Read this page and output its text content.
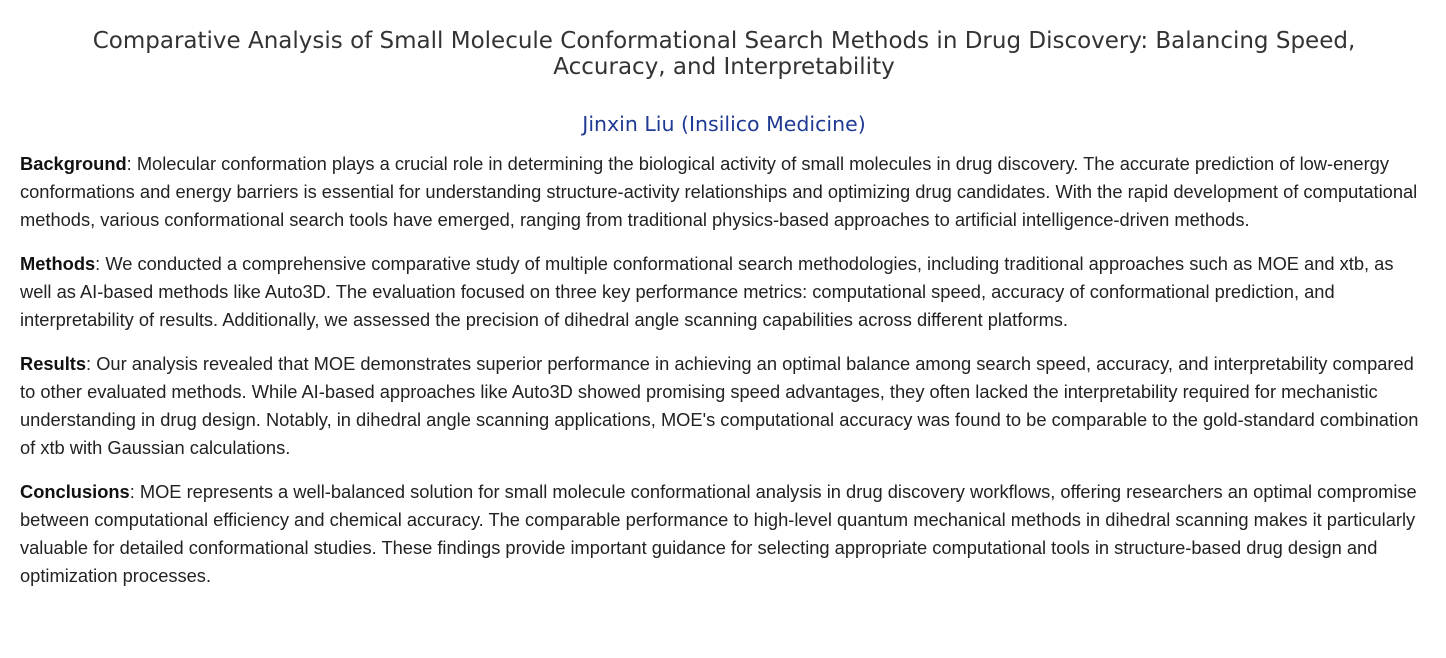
Comparative Analysis of Small Molecule Conformational Search Methods in Drug Discovery: Balancing Speed, Accuracy, and Interpretability
Jinxin Liu (Insilico Medicine)

Background: Molecular conformation plays a crucial role in determining the biological activity of small molecules in drug discovery. The accurate prediction of low-energy conformations and energy barriers is essential for understanding structure-activity relationships and optimizing drug candidates. With the rapid development of computational methods, various conformational search tools have emerged, ranging from traditional physics-based approaches to artificial intelligence-driven methods.

Methods: We conducted a comprehensive comparative study of multiple conformational search methodologies, including traditional approaches such as MOE and xtb, as well as AI-based methods like Auto3D. The evaluation focused on three key performance metrics: computational speed, accuracy of conformational prediction, and interpretability of results. Additionally, we assessed the precision of dihedral angle scanning capabilities across different platforms.

Results: Our analysis revealed that MOE demonstrates superior performance in achieving an optimal balance among search speed, accuracy, and interpretability compared to other evaluated methods. While AI-based approaches like Auto3D showed promising speed advantages, they often lacked the interpretability required for mechanistic understanding in drug design. Notably, in dihedral angle scanning applications, MOE's computational accuracy was found to be comparable to the gold-standard combination of xtb with Gaussian calculations.

Conclusions: MOE represents a well-balanced solution for small molecule conformational analysis in drug discovery workflows, offering researchers an optimal compromise between computational efficiency and chemical accuracy. The comparable performance to high-level quantum mechanical methods in dihedral scanning makes it particularly valuable for detailed conformational studies. These findings provide important guidance for selecting appropriate computational tools in structure-based drug design and optimization processes.
